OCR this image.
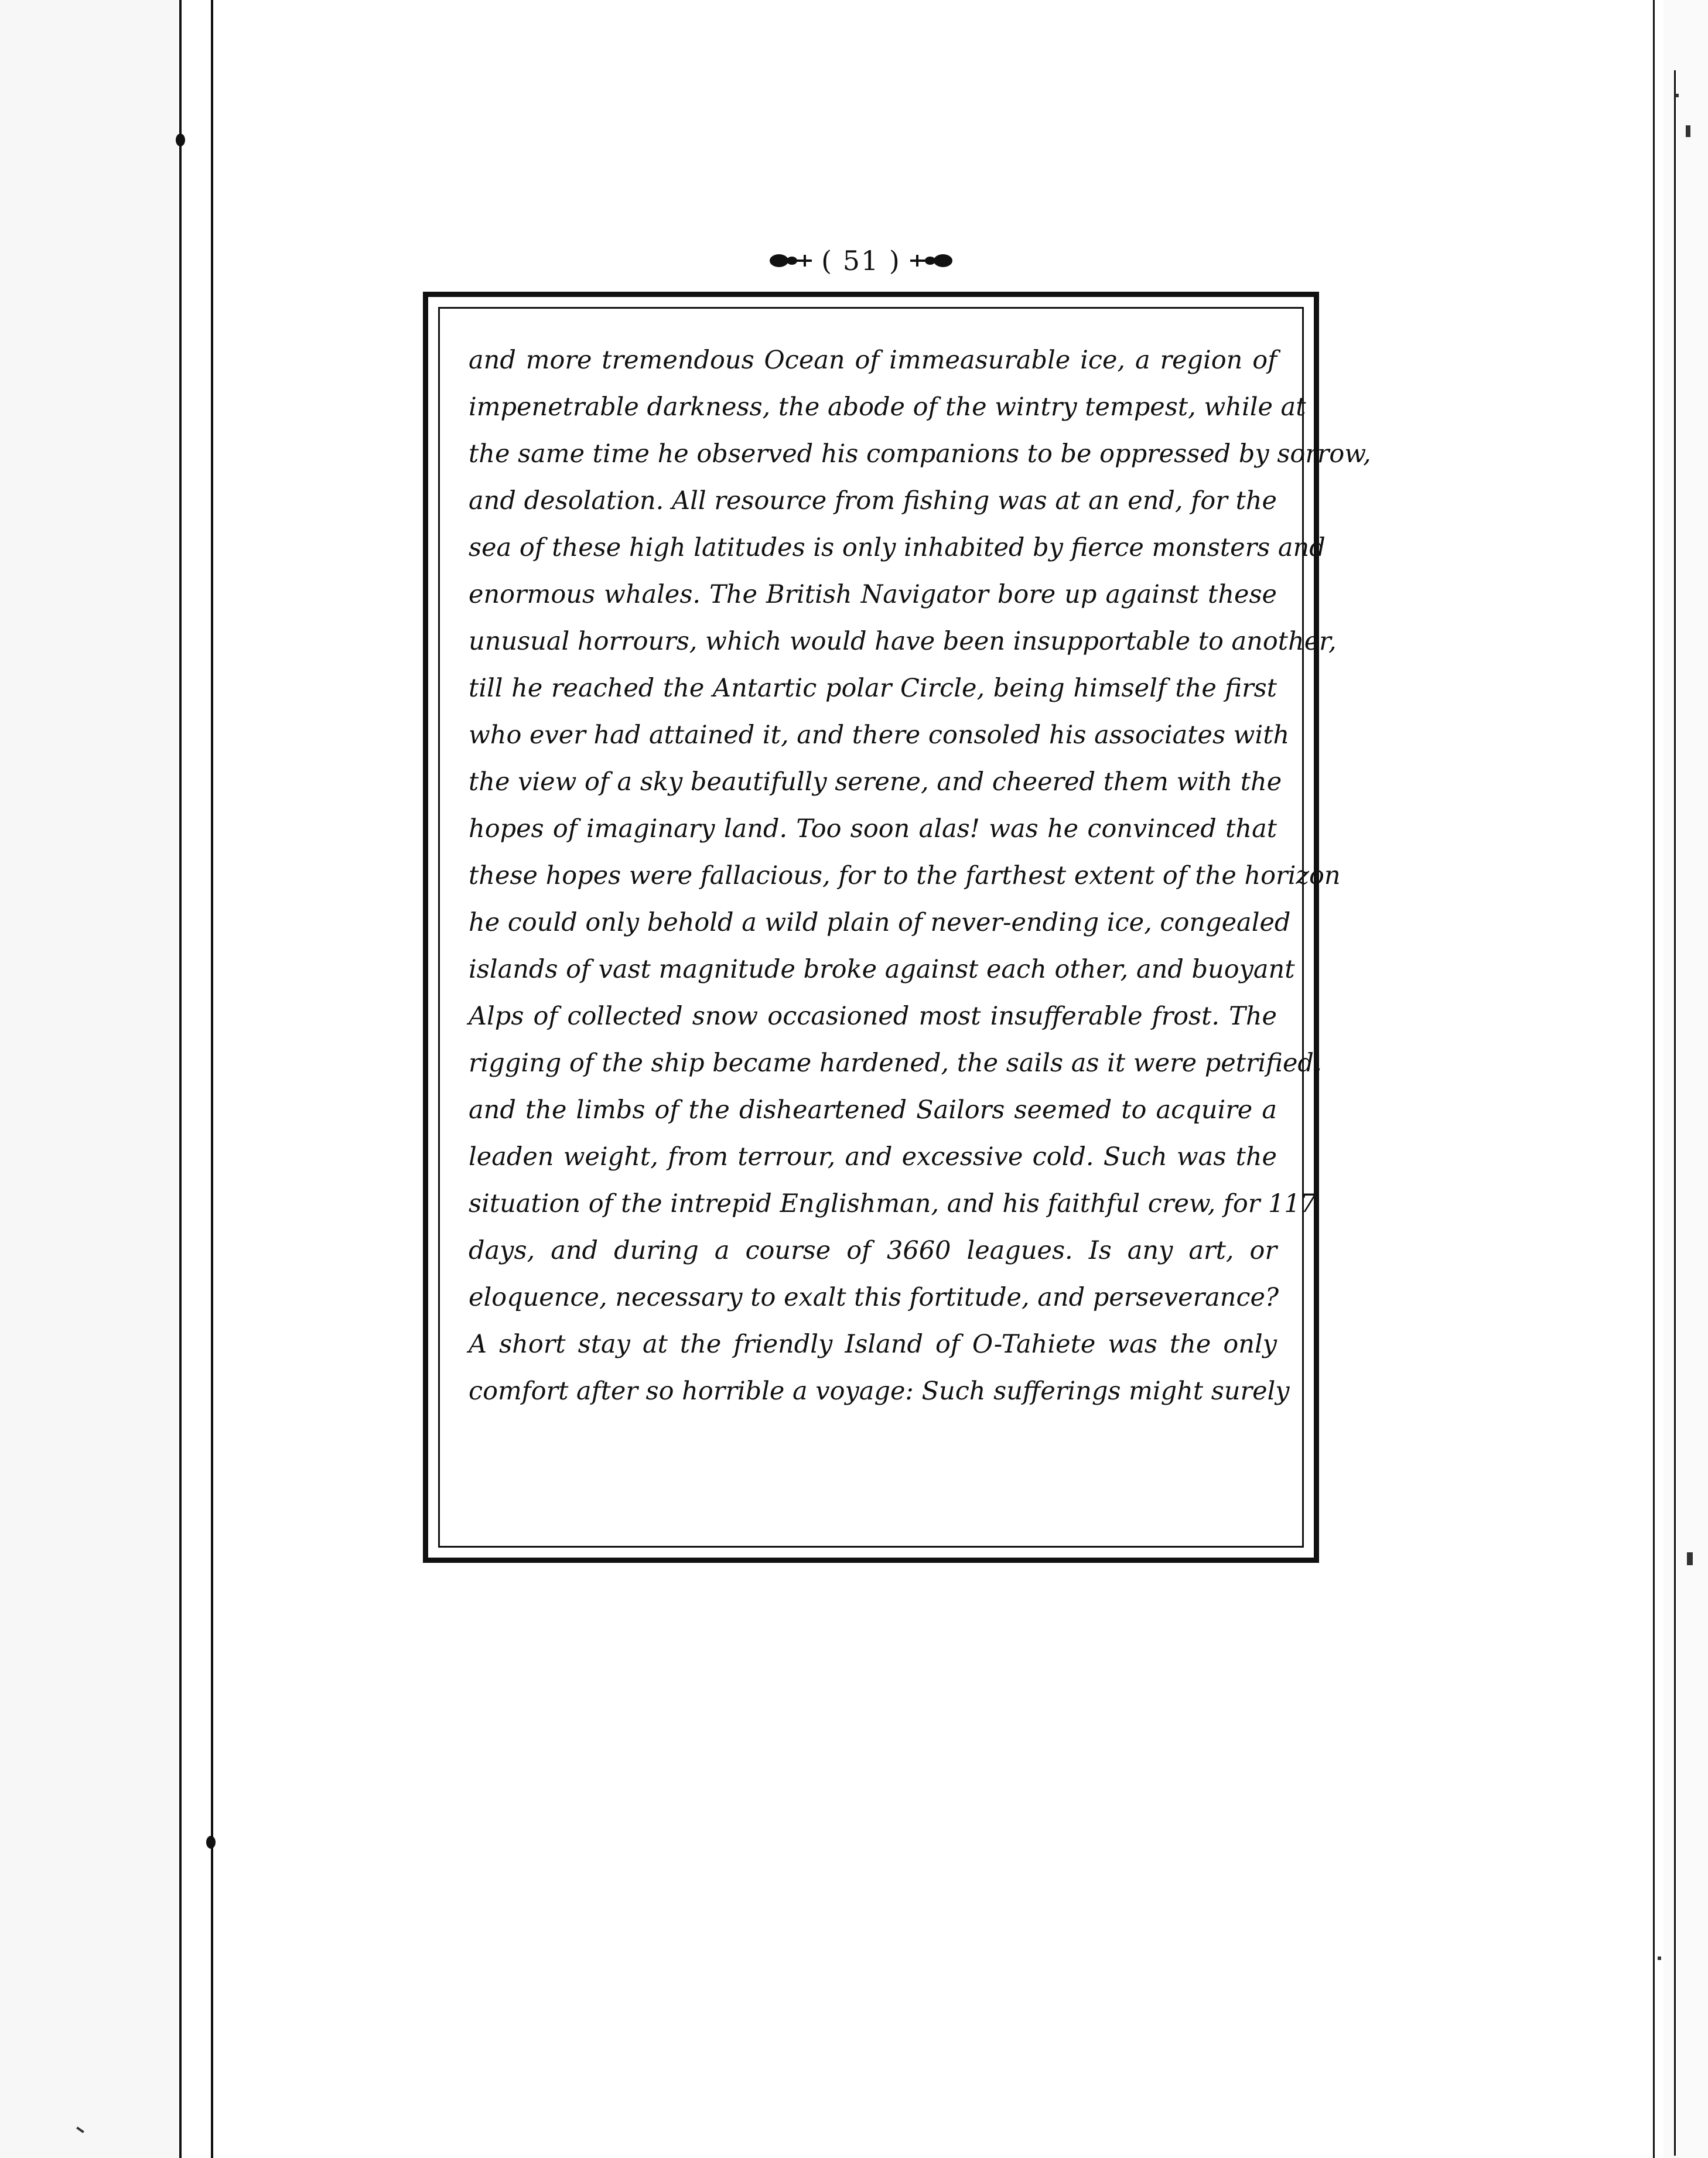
( 51 )
and more tremendous Ocean of immeasurable ice, a region of
impenetrable darkness, the abode of the wintry tempest, while at
the same time he observed his companions to be oppressed by sorrow,
and desolation. All resource from fishing was at an end, for the
sea of these high latitudes is only inhabited by fierce monsters and
enormous whales. The British Navigator bore up against these
unusual horrours, which would have been insupportable to another,
till he reached the Antartic polar Circle, being himself the first
who ever had attained it, and there consoled his associates with
the view of a sky beautifully serene, and cheered them with the
hopes of imaginary land. Too soon alas! was he convinced that
these hopes were fallacious, for to the farthest extent of the horizon
he could only behold a wild plain of never-ending ice, congealed
islands of vast magnitude broke against each other, and buoyant
Alps of collected snow occasioned most insufferable frost. The
rigging of the ship became hardened, the sails as it were petrified,
and the limbs of the disheartened Sailors seemed to acquire a
leaden weight, from terrour, and excessive cold. Such was the
situation of the intrepid Englishman, and his faithful crew, for 117
days, and during a course of 3660 leagues. Is any art, or
eloquence, necessary to exalt this fortitude, and perseverance?
A short stay at the friendly Island of O-Tahiete was the only
comfort after so horrible a voyage: Such sufferings might surely
